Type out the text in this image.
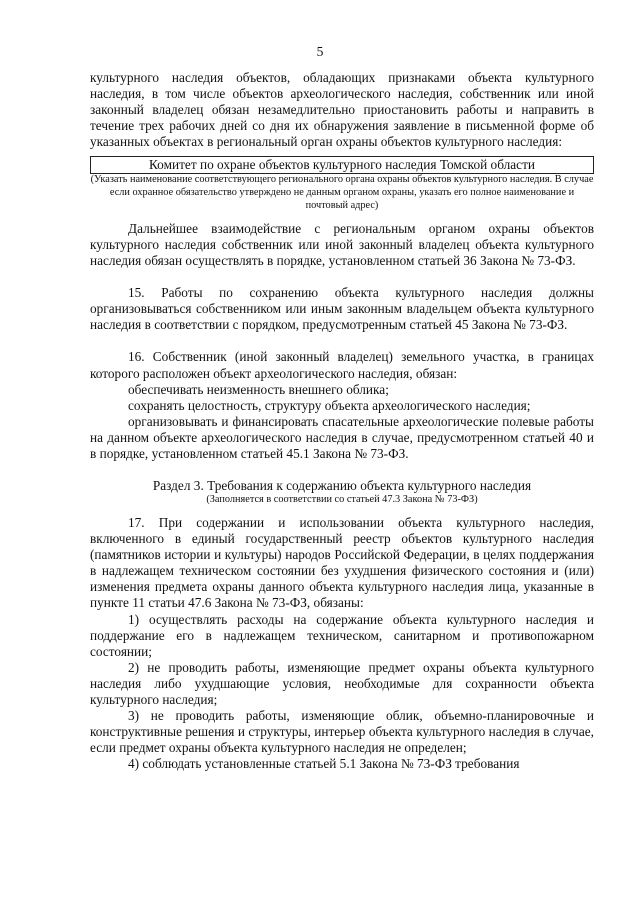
5

культурного наследия объектов, обладающих признаками объекта культурного наследия, в том числе объектов археологического наследия, собственник или иной законный владелец обязан незамедлительно приостановить работы и направить в течение трех рабочих дней со дня их обнаружения заявление в письменной форме об указанных объектах в региональный орган охраны объектов культурного наследия:

Комитет по охране объектов культурного наследия Томской области
(Указать наименование соответствующего регионального органа охраны объектов культурного наследия. В случае если охранное обязательство утверждено не данным органом охраны, указать его полное наименование и почтовый адрес)

Дальнейшее взаимодействие с региональным органом охраны объектов культурного наследия собственник или иной законный владелец объекта культурного наследия обязан осуществлять в порядке, установленном статьей 36 Закона № 73-ФЗ.

15. Работы по сохранению объекта культурного наследия должны организовываться собственником или иным законным владельцем объекта культурного наследия в соответствии с порядком, предусмотренным статьей 45 Закона № 73-ФЗ.

16. Собственник (иной законный владелец) земельного участка, в границах которого расположен объект археологического наследия, обязан:

обеспечивать неизменность внешнего облика;

сохранять целостность, структуру объекта археологического наследия;

организовывать и финансировать спасательные археологические полевые работы на данном объекте археологического наследия в случае, предусмотренном статьей 40 и в порядке, установленном статьей 45.1 Закона № 73-ФЗ.

Раздел 3. Требования к содержанию объекта культурного наследия

(Заполняется в соответствии со статьей 47.3 Закона № 73-ФЗ)

17. При содержании и использовании объекта культурного наследия, включенного в единый государственный реестр объектов культурного наследия (памятников истории и культуры) народов Российской Федерации, в целях поддержания в надлежащем техническом состоянии без ухудшения физического состояния и (или) изменения предмета охраны данного объекта культурного наследия лица, указанные в пункте 11 статьи 47.6 Закона № 73-ФЗ, обязаны:

1) осуществлять расходы на содержание объекта культурного наследия и поддержание его в надлежащем техническом, санитарном и противопожарном состоянии;

2) не проводить работы, изменяющие предмет охраны объекта культурного наследия либо ухудшающие условия, необходимые для сохранности объекта культурного наследия;

3) не проводить работы, изменяющие облик, объемно-планировочные и конструктивные решения и структуры, интерьер объекта культурного наследия в случае, если предмет охраны объекта культурного наследия не определен;

4) соблюдать установленные статьей 5.1 Закона № 73-ФЗ требования
